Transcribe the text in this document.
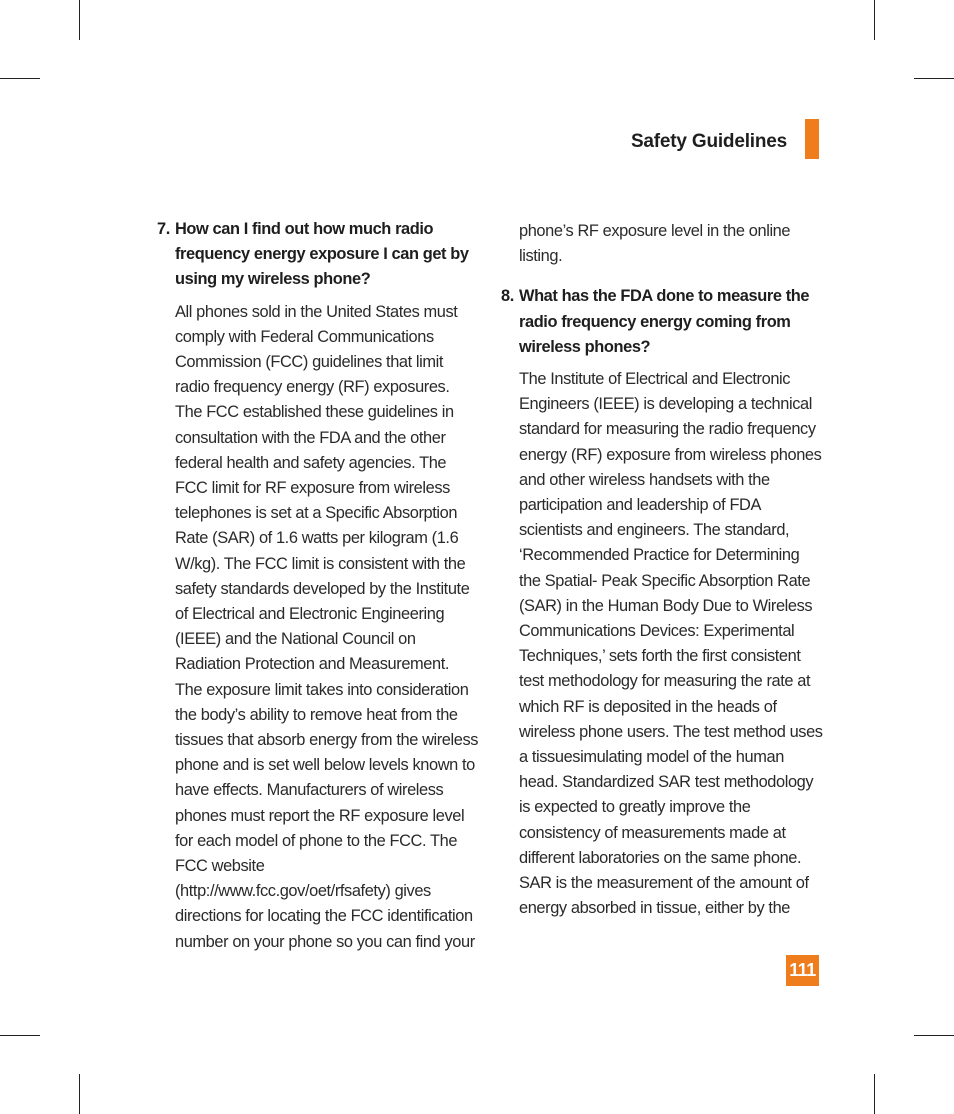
Safety Guidelines
7. How can I find out how much radio frequency energy exposure I can get by using my wireless phone?
All phones sold in the United States must comply with Federal Communications Commission (FCC) guidelines that limit radio frequency energy (RF) exposures. The FCC established these guidelines in consultation with the FDA and the other federal health and safety agencies. The FCC limit for RF exposure from wireless telephones is set at a Specific Absorption Rate (SAR) of 1.6 watts per kilogram (1.6 W/kg). The FCC limit is consistent with the safety standards developed by the Institute of Electrical and Electronic Engineering (IEEE) and the National Council on Radiation Protection and Measurement. The exposure limit takes into consideration the body’s ability to remove heat from the tissues that absorb energy from the wireless phone and is set well below levels known to have effects. Manufacturers of wireless phones must report the RF exposure level for each model of phone to the FCC. The FCC website (http://www.fcc.gov/oet/rfsafety) gives directions for locating the FCC identification number on your phone so you can find your
phone’s RF exposure level in the online listing.
8. What has the FDA done to measure the radio frequency energy coming from wireless phones?
The Institute of Electrical and Electronic Engineers (IEEE) is developing a technical standard for measuring the radio frequency energy (RF) exposure from wireless phones and other wireless handsets with the participation and leadership of FDA scientists and engineers. The standard, ‘Recommended Practice for Determining the Spatial- Peak Specific Absorption Rate (SAR) in the Human Body Due to Wireless Communications Devices: Experimental Techniques,’ sets forth the first consistent test methodology for measuring the rate at which RF is deposited in the heads of wireless phone users. The test method uses a tissuesimulating model of the human head. Standardized SAR test methodology is expected to greatly improve the consistency of measurements made at different laboratories on the same phone. SAR is the measurement of the amount of energy absorbed in tissue, either by the
111
